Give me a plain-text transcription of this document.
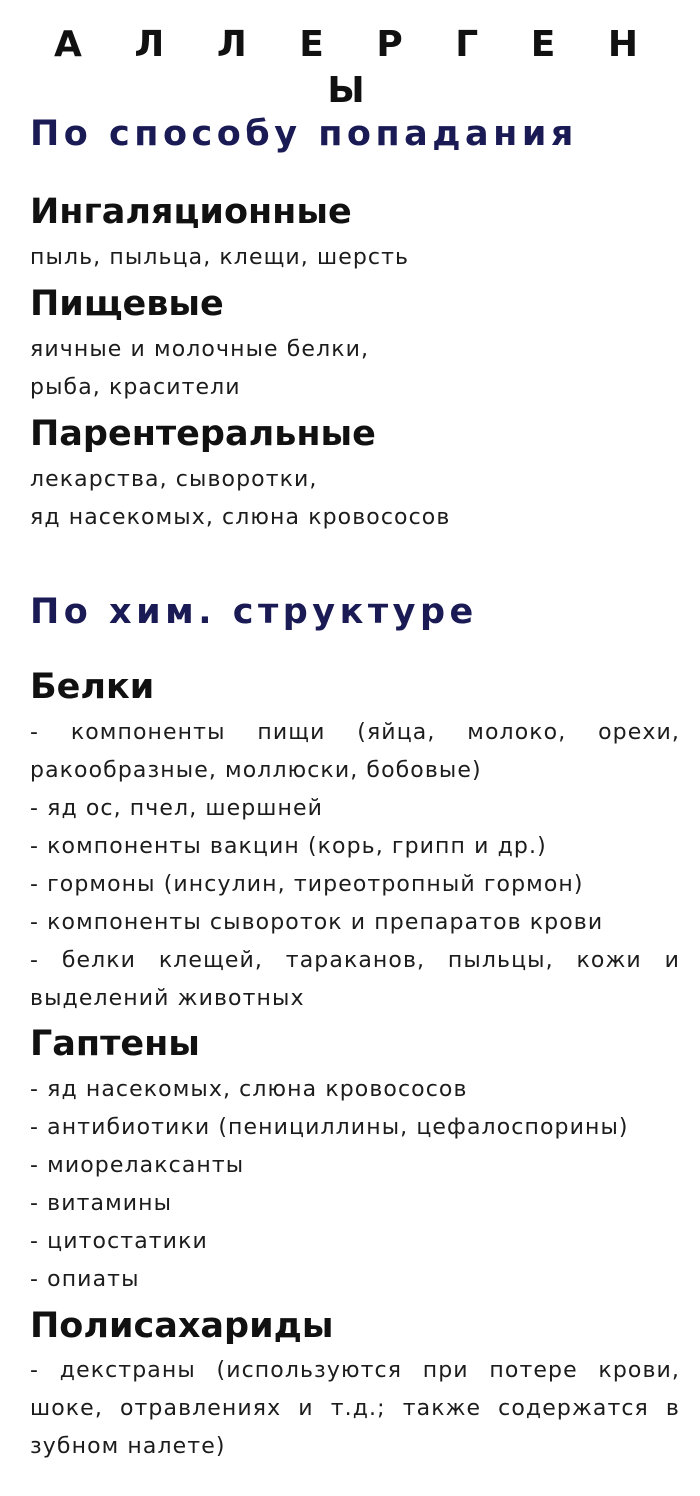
А Л Л Е Р Г Е Н Ы
По способу попадания
Ингаляционные
пыль, пыльца, клещи, шерсть
Пищевые
яичные и молочные белки,
рыба, красители
Парентеральные
лекарства, сыворотки,
яд насекомых, слюна кровососов
По хим. структуре
Белки
- компоненты пищи (яйца, молоко, орехи,
ракообразные, моллюски, бобовые)
- яд ос, пчел, шершней
- компоненты вакцин (корь, грипп и др.)
- гормоны (инсулин, тиреотропный гормон)
- компоненты сывороток и препаратов крови
- белки клещей, тараканов, пыльцы, кожи и
выделений животных
Гаптены
- яд насекомых, слюна кровососов
- антибиотики (пенициллины, цефалоспорины)
- миорелаксанты
- витамины
- цитостатики
- опиаты
Полисахариды
- декстраны (используются при потере крови,
шоке, отравлениях и т.д.; также содержатся в
зубном налете)
